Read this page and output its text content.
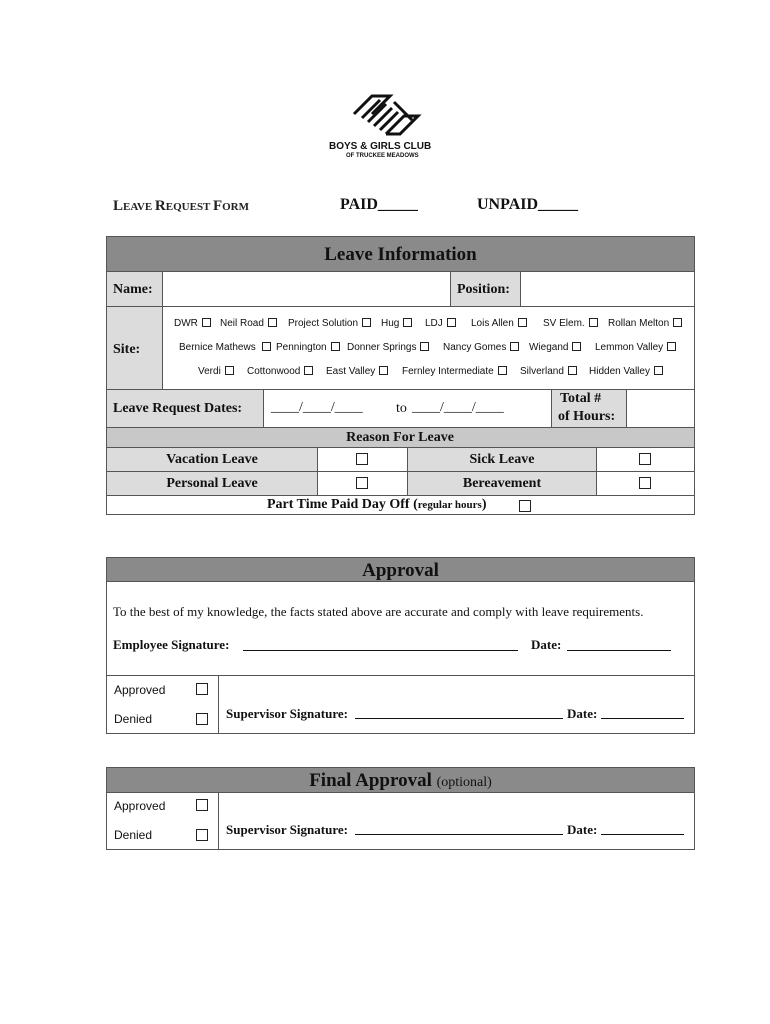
BOYS & GIRLS CLUB
OF TRUCKEE MEADOWS
LEAVE REQUEST FORM	PAID_____	UNPAID_____
Leave Information
Name:	Position:
Site:
DWR	Neil Road	Project Solution	Hug	LDJ	Lois Allen	SV Elem.	Rollan Melton
Bernice Mathews	Pennington	Donner Springs	Nancy Gomes	Wiegand	Lemmon Valley
Verdi	Cottonwood	East Valley	Fernley Intermediate	Silverland	Hidden Valley
Leave Request Dates: ____/____/____ to ____/____/____
Total #
of Hours:
Reason For Leave
Vacation Leave	Sick Leave
Personal Leave	Bereavement
Part Time Paid Day Off (regular hours)
Approval
To the best of my knowledge, the facts stated above are accurate and comply with leave requirements.
Employee Signature:	Date:
Approved
Denied	Supervisor Signature:	Date:
Final Approval (optional)
Approved
Denied	Supervisor Signature:	Date:
